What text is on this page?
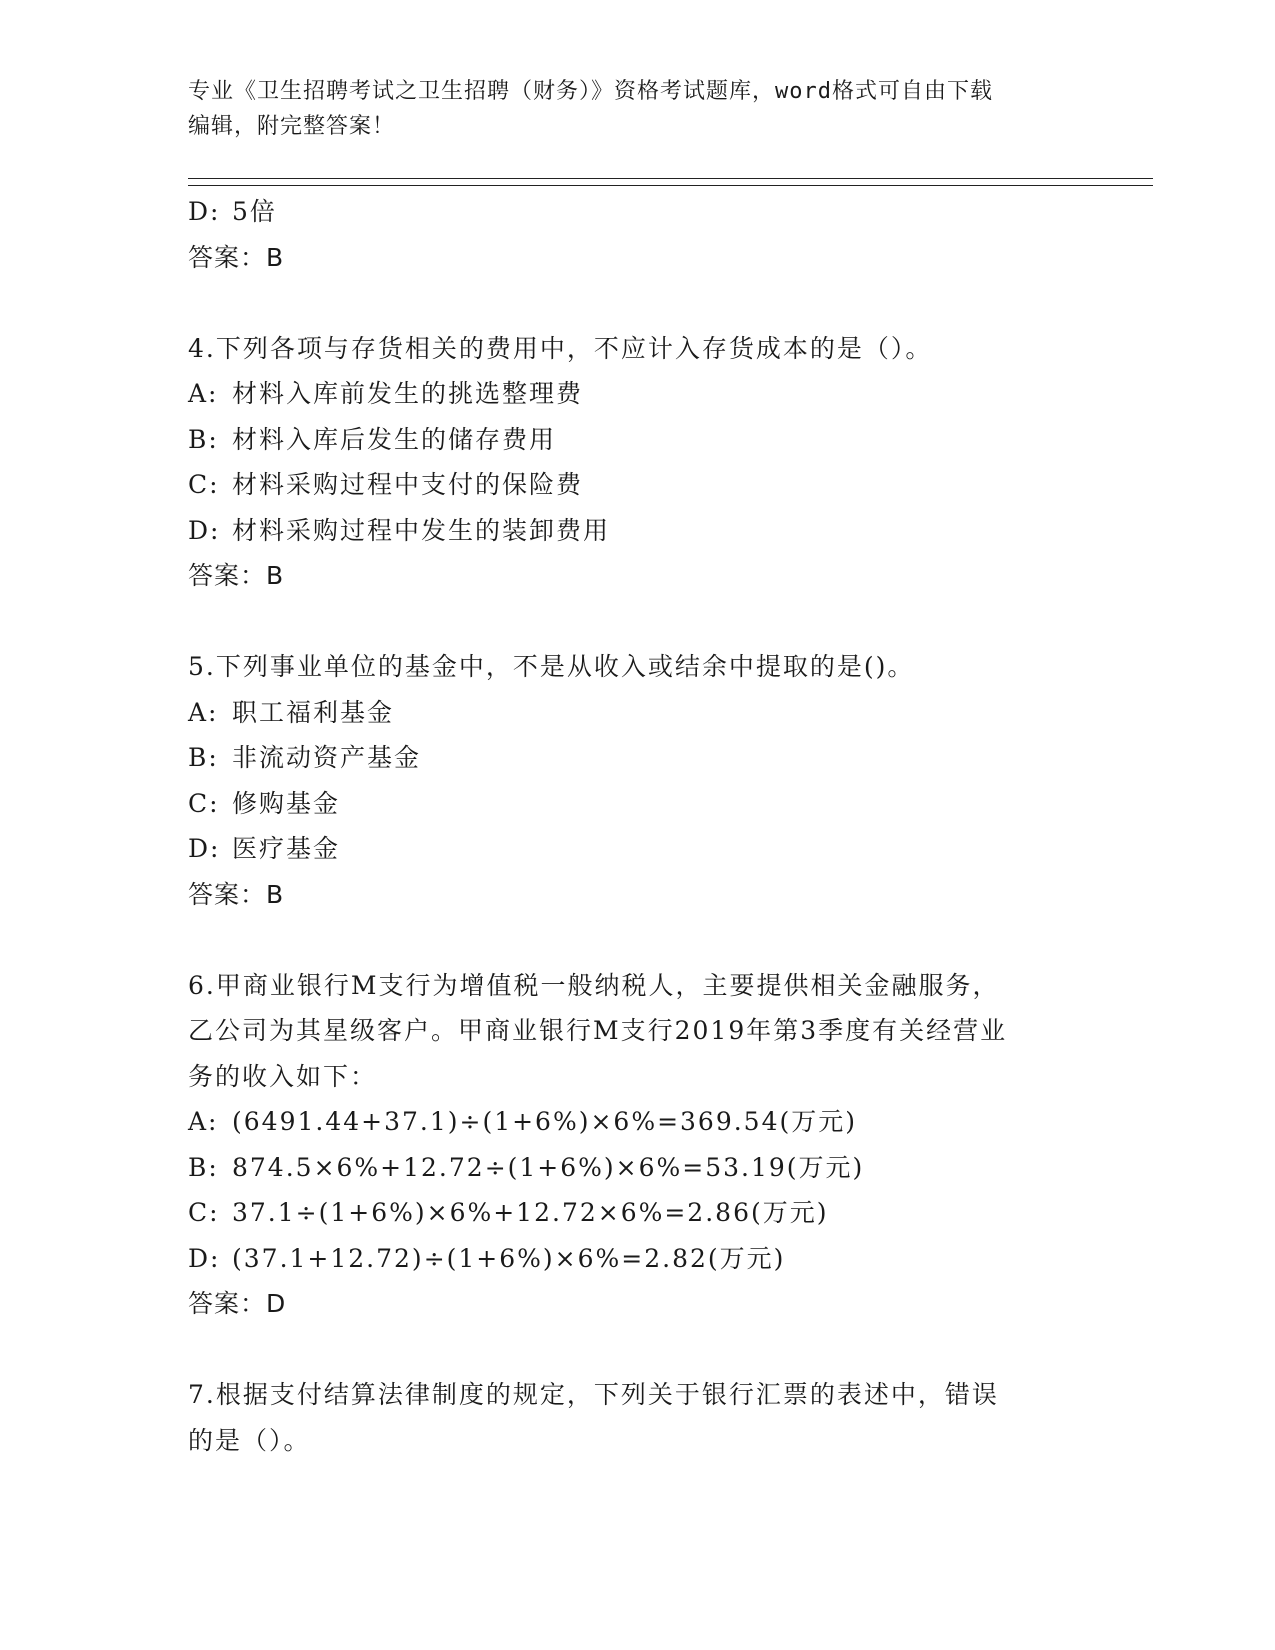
专业《卫生招聘考试之卫生招聘（财务）》资格考试题库，word格式可自由下载
编辑，附完整答案！
D: 5倍
答案：B
4.下列各项与存货相关的费用中，不应计入存货成本的是（）。
A: 材料入库前发生的挑选整理费
B: 材料入库后发生的储存费用
C: 材料采购过程中支付的保险费
D: 材料采购过程中发生的装卸费用
答案：B
5.下列事业单位的基金中，不是从收入或结余中提取的是()。
A: 职工福利基金
B: 非流动资产基金
C: 修购基金
D: 医疗基金
答案：B
6.甲商业银行M支行为增值税一般纳税人，主要提供相关金融服务，
乙公司为其星级客户。甲商业银行M支行2019年第3季度有关经营业
务的收入如下：
A: (6491.44+37.1)÷(1+6%)×6%=369.54(万元)
B: 874.5×6%+12.72÷(1+6%)×6%=53.19(万元)
C: 37.1÷(1+6%)×6%+12.72×6%=2.86(万元)
D: (37.1+12.72)÷(1+6%)×6%=2.82(万元)
答案：D
7.根据支付结算法律制度的规定，下列关于银行汇票的表述中，错误
的是（）。
